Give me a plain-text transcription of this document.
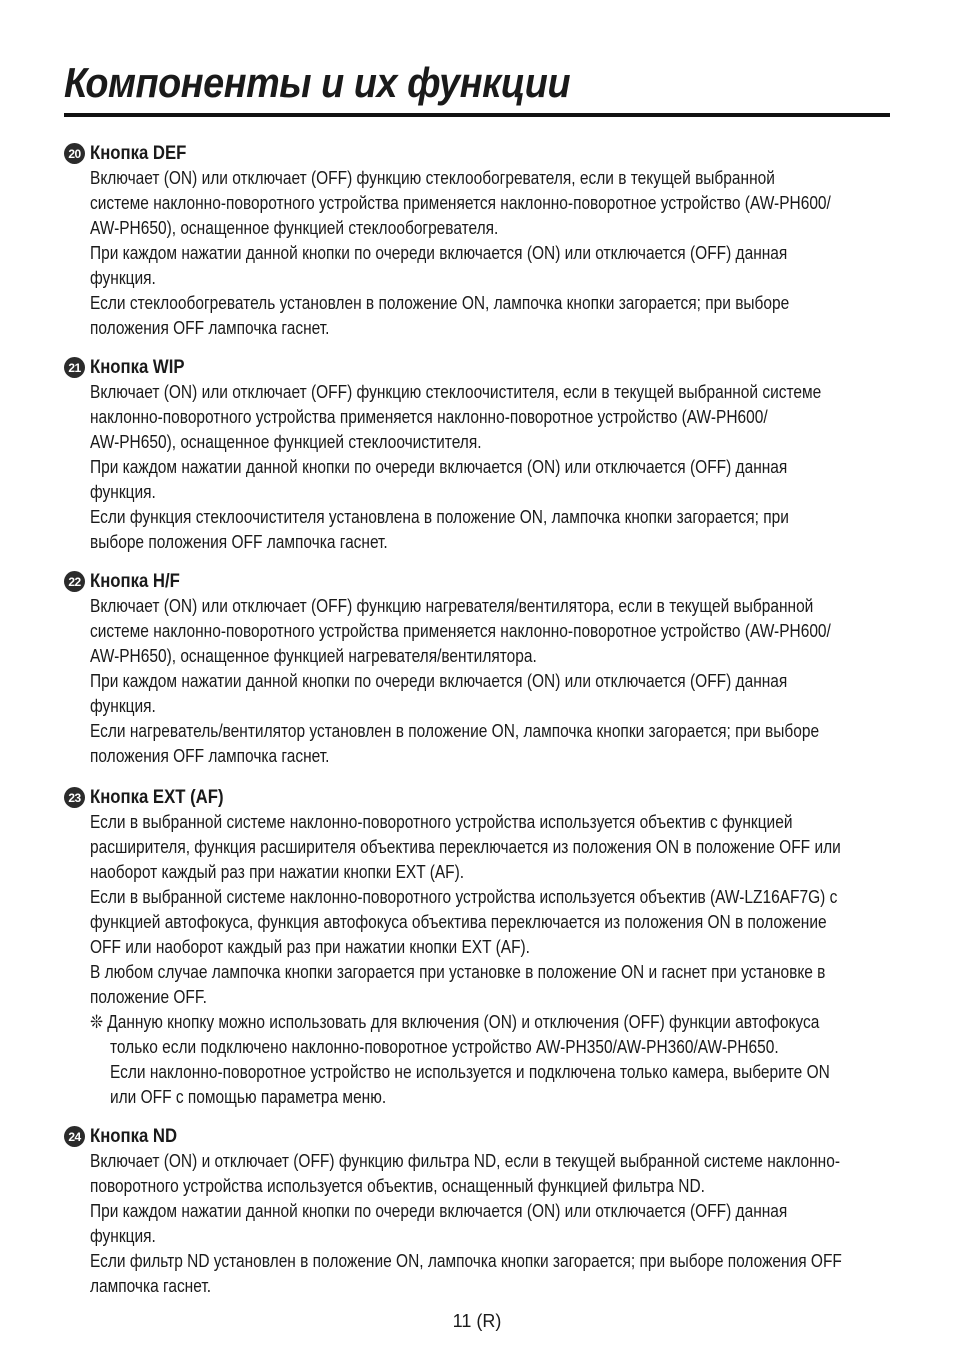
Компоненты и их функции
20 Кнопка DEF
Включает (ON) или отключает (OFF) функцию стеклообогревателя, если в текущей выбранной
системе наклонно-поворотного устройства применяется наклонно-поворотное устройство (AW-PH600/
AW-PH650), оснащенное функцией стеклообогревателя.
При каждом нажатии данной кнопки по очереди включается (ON) или отключается (OFF) данная
функция.
Если стеклообогреватель установлен в положение ON, лампочка кнопки загорается; при выборе
положения OFF лампочка гаснет.
21 Кнопка WIP
Включает (ON) или отключает (OFF) функцию стеклоочистителя, если в текущей выбранной системе
наклонно-поворотного устройства применяется наклонно-поворотное устройство (AW-PH600/
AW-PH650), оснащенное функцией стеклоочистителя.
При каждом нажатии данной кнопки по очереди включается (ON) или отключается (OFF) данная
функция.
Если функция стеклоочистителя установлена в положение ON, лампочка кнопки загорается; при
выборе положения OFF лампочка гаснет.
22 Кнопка H/F
Включает (ON) или отключает (OFF) функцию нагревателя/вентилятора, если в текущей выбранной
системе наклонно-поворотного устройства применяется наклонно-поворотное устройство (AW-PH600/
AW-PH650), оснащенное функцией нагревателя/вентилятора.
При каждом нажатии данной кнопки по очереди включается (ON) или отключается (OFF) данная
функция.
Если нагреватель/вентилятор установлен в положение ON, лампочка кнопки загорается; при выборе
положения OFF лампочка гаснет.
23 Кнопка EXT (AF)
Если в выбранной системе наклонно-поворотного устройства используется объектив с функцией
расширителя, функция расширителя объектива переключается из положения ON в положение OFF или
наоборот каждый раз при нажатии кнопки EXT (AF).
Если в выбранной системе наклонно-поворотного устройства используется объектив (AW-LZ16AF7G) с
функцией автофокуса, функция автофокуса объектива переключается из положения ON в положение
OFF или наоборот каждый раз при нажатии кнопки EXT (AF).
В любом случае лампочка кнопки загорается при установке в положение ON и гаснет при установке в
положение OFF.
❊ Данную кнопку можно использовать для включения (ON) и отключения (OFF) функции автофокуса
только если подключено наклонно-поворотное устройство AW-PH350/AW-PH360/AW-PH650.
Если наклонно-поворотное устройство не используется и подключена только камера, выберите ON
или OFF с помощью параметра меню.
24 Кнопка ND
Включает (ON) и отключает (OFF) функцию фильтра ND, если в текущей выбранной системе наклонно-
поворотного устройства используется объектив, оснащенный функцией фильтра ND.
При каждом нажатии данной кнопки по очереди включается (ON) или отключается (OFF) данная
функция.
Если фильтр ND установлен в положение ON, лампочка кнопки загорается; при выборе положения OFF
лампочка гаснет.
11 (R)
